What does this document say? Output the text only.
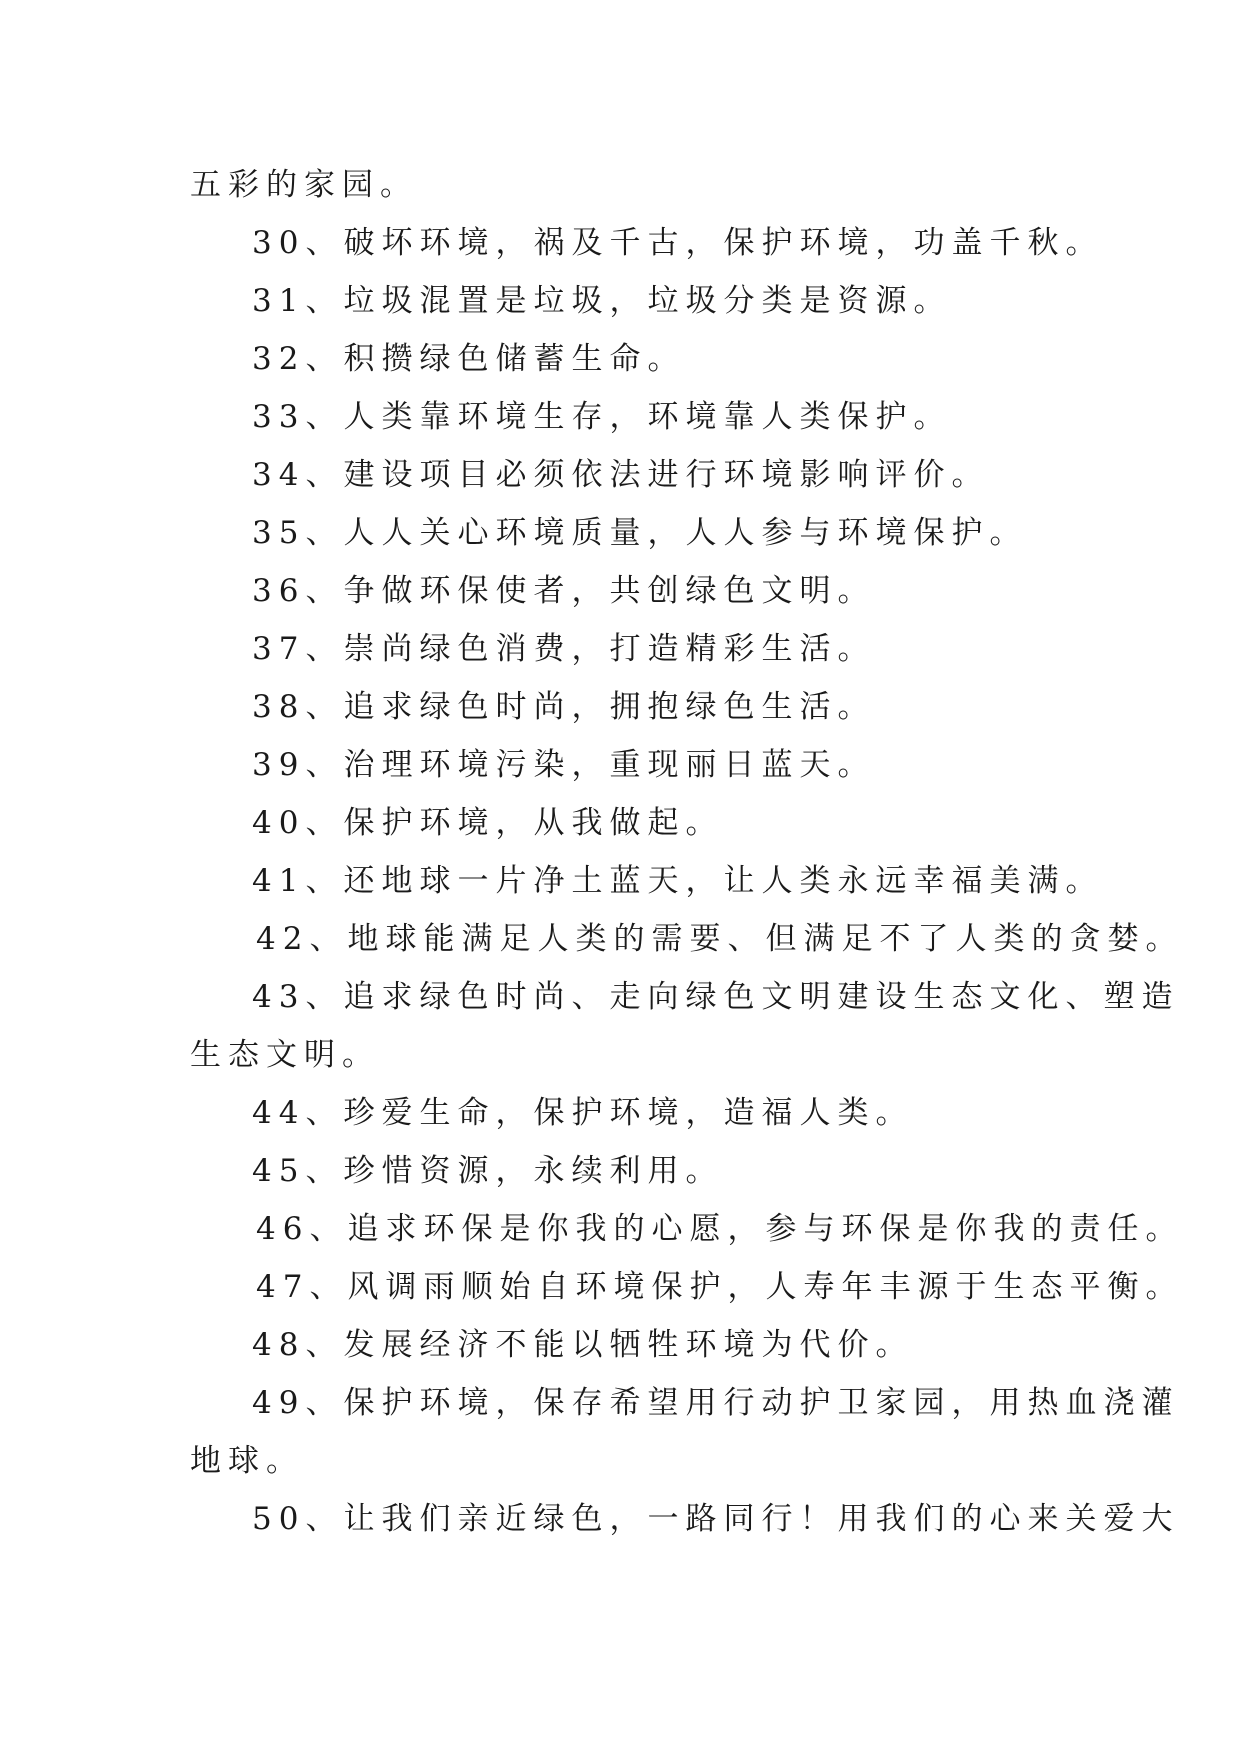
五彩的家园。
30、破坏环境，祸及千古，保护环境，功盖千秋。
31、垃圾混置是垃圾，垃圾分类是资源。
32、积攒绿色储蓄生命。
33、人类靠环境生存，环境靠人类保护。
34、建设项目必须依法进行环境影响评价。
35、人人关心环境质量，人人参与环境保护。
36、争做环保使者，共创绿色文明。
37、崇尚绿色消费，打造精彩生活。
38、追求绿色时尚，拥抱绿色生活。
39、治理环境污染，重现丽日蓝天。
40、保护环境，从我做起。
41、还地球一片净土蓝天，让人类永远幸福美满。
42、地球能满足人类的需要、但满足不了人类的贪婪。
43、追求绿色时尚、走向绿色文明建设生态文化、塑造
生态文明。
44、珍爱生命，保护环境，造福人类。
45、珍惜资源，永续利用。
46、追求环保是你我的心愿，参与环保是你我的责任。
47、风调雨顺始自环境保护，人寿年丰源于生态平衡。
48、发展经济不能以牺牲环境为代价。
49、保护环境，保存希望用行动护卫家园，用热血浇灌
地球。
50、让我们亲近绿色，一路同行！用我们的心来关爱大
